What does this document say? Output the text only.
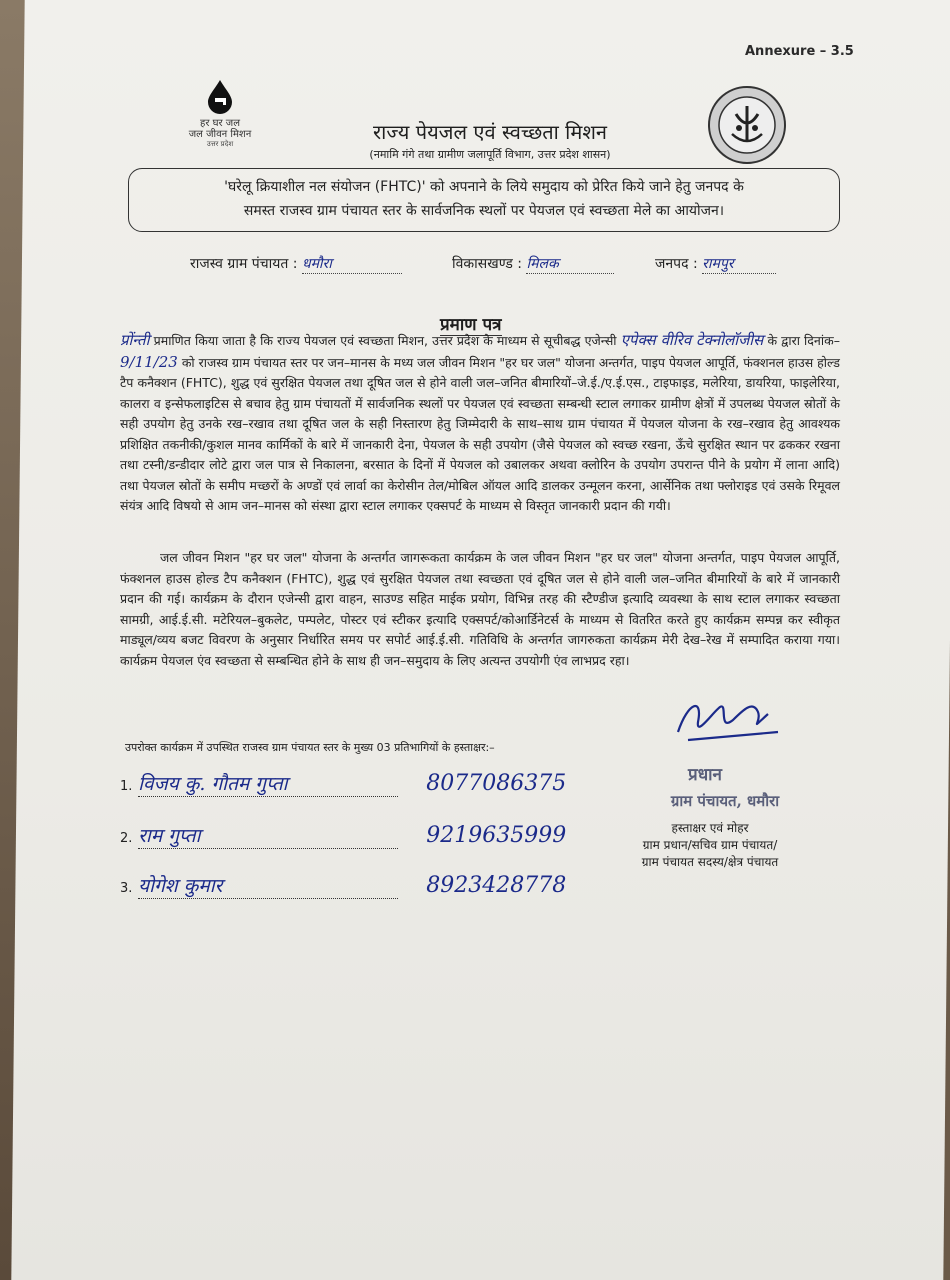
Annexure – 3.5
हर घर जल
जल जीवन मिशन
उत्तर प्रदेश	राज्य पेयजल एवं स्वच्छता मिशन
(नमामि गंगे तथा ग्रामीण जलापूर्ति विभाग, उत्तर प्रदेश शासन)
'घरेलू क्रियाशील नल संयोजन (FHTC)' को अपनाने के लिये समुदाय को प्रेरित किये जाने हेतु जनपद के
समस्त राजस्व ग्राम पंचायत स्तर के सार्वजनिक स्थलों पर पेयजल एवं स्वच्छता मेले का आयोजन।
राजस्व ग्राम पंचायत : धमौरा	विकासखण्ड : मिलक	जनपद : रामपुर
प्रमाण पत्र
प्रोंन्ती प्रमाणित किया जाता है कि राज्य पेयजल एवं स्वच्छता मिशन, उत्तर प्रदेश के माध्यम से सूचीबद्ध एजेन्सी एपेक्स वीरिव टेक्नोलॉजीस के द्वारा दिनांक– 9/11/23 को राजस्व ग्राम पंचायत स्तर पर जन–मानस के मध्य जल जीवन मिशन "हर घर जल" योजना अन्तर्गत, पाइप पेयजल आपूर्ति, फंक्शनल हाउस होल्ड टैप कनैक्शन (FHTC), शुद्ध एवं सुरक्षित पेयजल तथा दूषित जल से होने वाली जल–जनित बीमारियों–जे.ई./ए.ई.एस., टाइफाइड, मलेरिया, डायरिया, फाइलेरिया, कालरा व इन्सेफलाइटिस से बचाव हेतु ग्राम पंचायतों में सार्वजनिक स्थलों पर पेयजल एवं स्वच्छता सम्बन्धी स्टाल लगाकर ग्रामीण क्षेत्रों में उपलब्ध पेयजल स्रोतों के सही उपयोग हेतु उनके रख–रखाव तथा दूषित जल के सही निस्तारण हेतु जिम्मेदारी के साथ–साथ ग्राम पंचायत में पेयजल योजना के रख–रखाव हेतु आवश्यक प्रशिक्षित तकनीकी/कुशल मानव कार्मिकों के बारे में जानकारी देना, पेयजल के सही उपयोग (जैसे पेयजल को स्वच्छ रखना, ऊँचे सुरक्षित स्थान पर ढककर रखना तथा टस्नी/डन्डीदार लोटे द्वारा जल पात्र से निकालना, बरसात के दिनों में पेयजल को उबालकर अथवा क्लोरिन के उपयोग उपरान्त पीने के प्रयोग में लाना आदि) तथा पेयजल स्रोतों के समीप मच्छरों के अण्डों एवं लार्वा का केरोसीन तेल/मोबिल ऑयल आदि डालकर उन्मूलन करना, आर्सेनिक तथा फ्लोराइड एवं उसके रिमूवल संयंत्र आदि विषयो से आम जन–मानस को संस्था द्वारा स्टाल लगाकर एक्सपर्ट के माध्यम से विस्तृत जानकारी प्रदान की गयी।
जल जीवन मिशन "हर घर जल" योजना के अन्तर्गत जागरूकता कार्यक्रम के जल जीवन मिशन "हर घर जल" योजना अन्तर्गत, पाइप पेयजल आपूर्ति, फंक्शनल हाउस होल्ड टैप कनैक्शन (FHTC), शुद्ध एवं सुरक्षित पेयजल तथा स्वच्छता एवं दूषित जल से होने वाली जल–जनित बीमारियों के बारे में जानकारी प्रदान की गई। कार्यक्रम के दौरान एजेन्सी द्वारा वाहन, साउण्ड सहित माईक प्रयोग, विभिन्न तरह की स्टैण्डीज इत्यादि व्यवस्था के साथ स्टाल लगाकर स्वच्छता सामग्री, आई.ई.सी. मटेरियल–बुकलेट, पम्पलेट, पोस्टर एवं स्टीकर इत्यादि एक्सपर्ट/कोआर्डिनेटर्स के माध्यम से वितरित करते हुए कार्यक्रम सम्पन्न कर स्वीकृत माड्यूल/व्यय बजट विवरण के अनुसार निर्धारित समय पर सपोर्ट आई.ई.सी. गतिविधि के अन्तर्गत जागरुकता कार्यक्रम मेरी देख–रेख में सम्पादित कराया गया। कार्यक्रम पेयजल एंव स्वच्छता से सम्बन्धित होने के साथ ही जन–समुदाय के लिए अत्यन्त उपयोगी एंव लाभप्रद रहा।
उपरोक्त कार्यक्रम में उपस्थित राजस्व ग्राम पंचायत स्तर के मुख्य 03 प्रतिभागियों के हस्ताक्षर:–
1. विजय कु. गौतम गुप्ता	8077086375
2. राम गुप्ता	9219635999
3. योगेश कुमार	8923428778
प्रधान
ग्राम पंचायत, धमौरा
हस्ताक्षर एवं मोहर
ग्राम प्रधान/सचिव ग्राम पंचायत/
ग्राम पंचायत सदस्य/क्षेत्र पंचायत
